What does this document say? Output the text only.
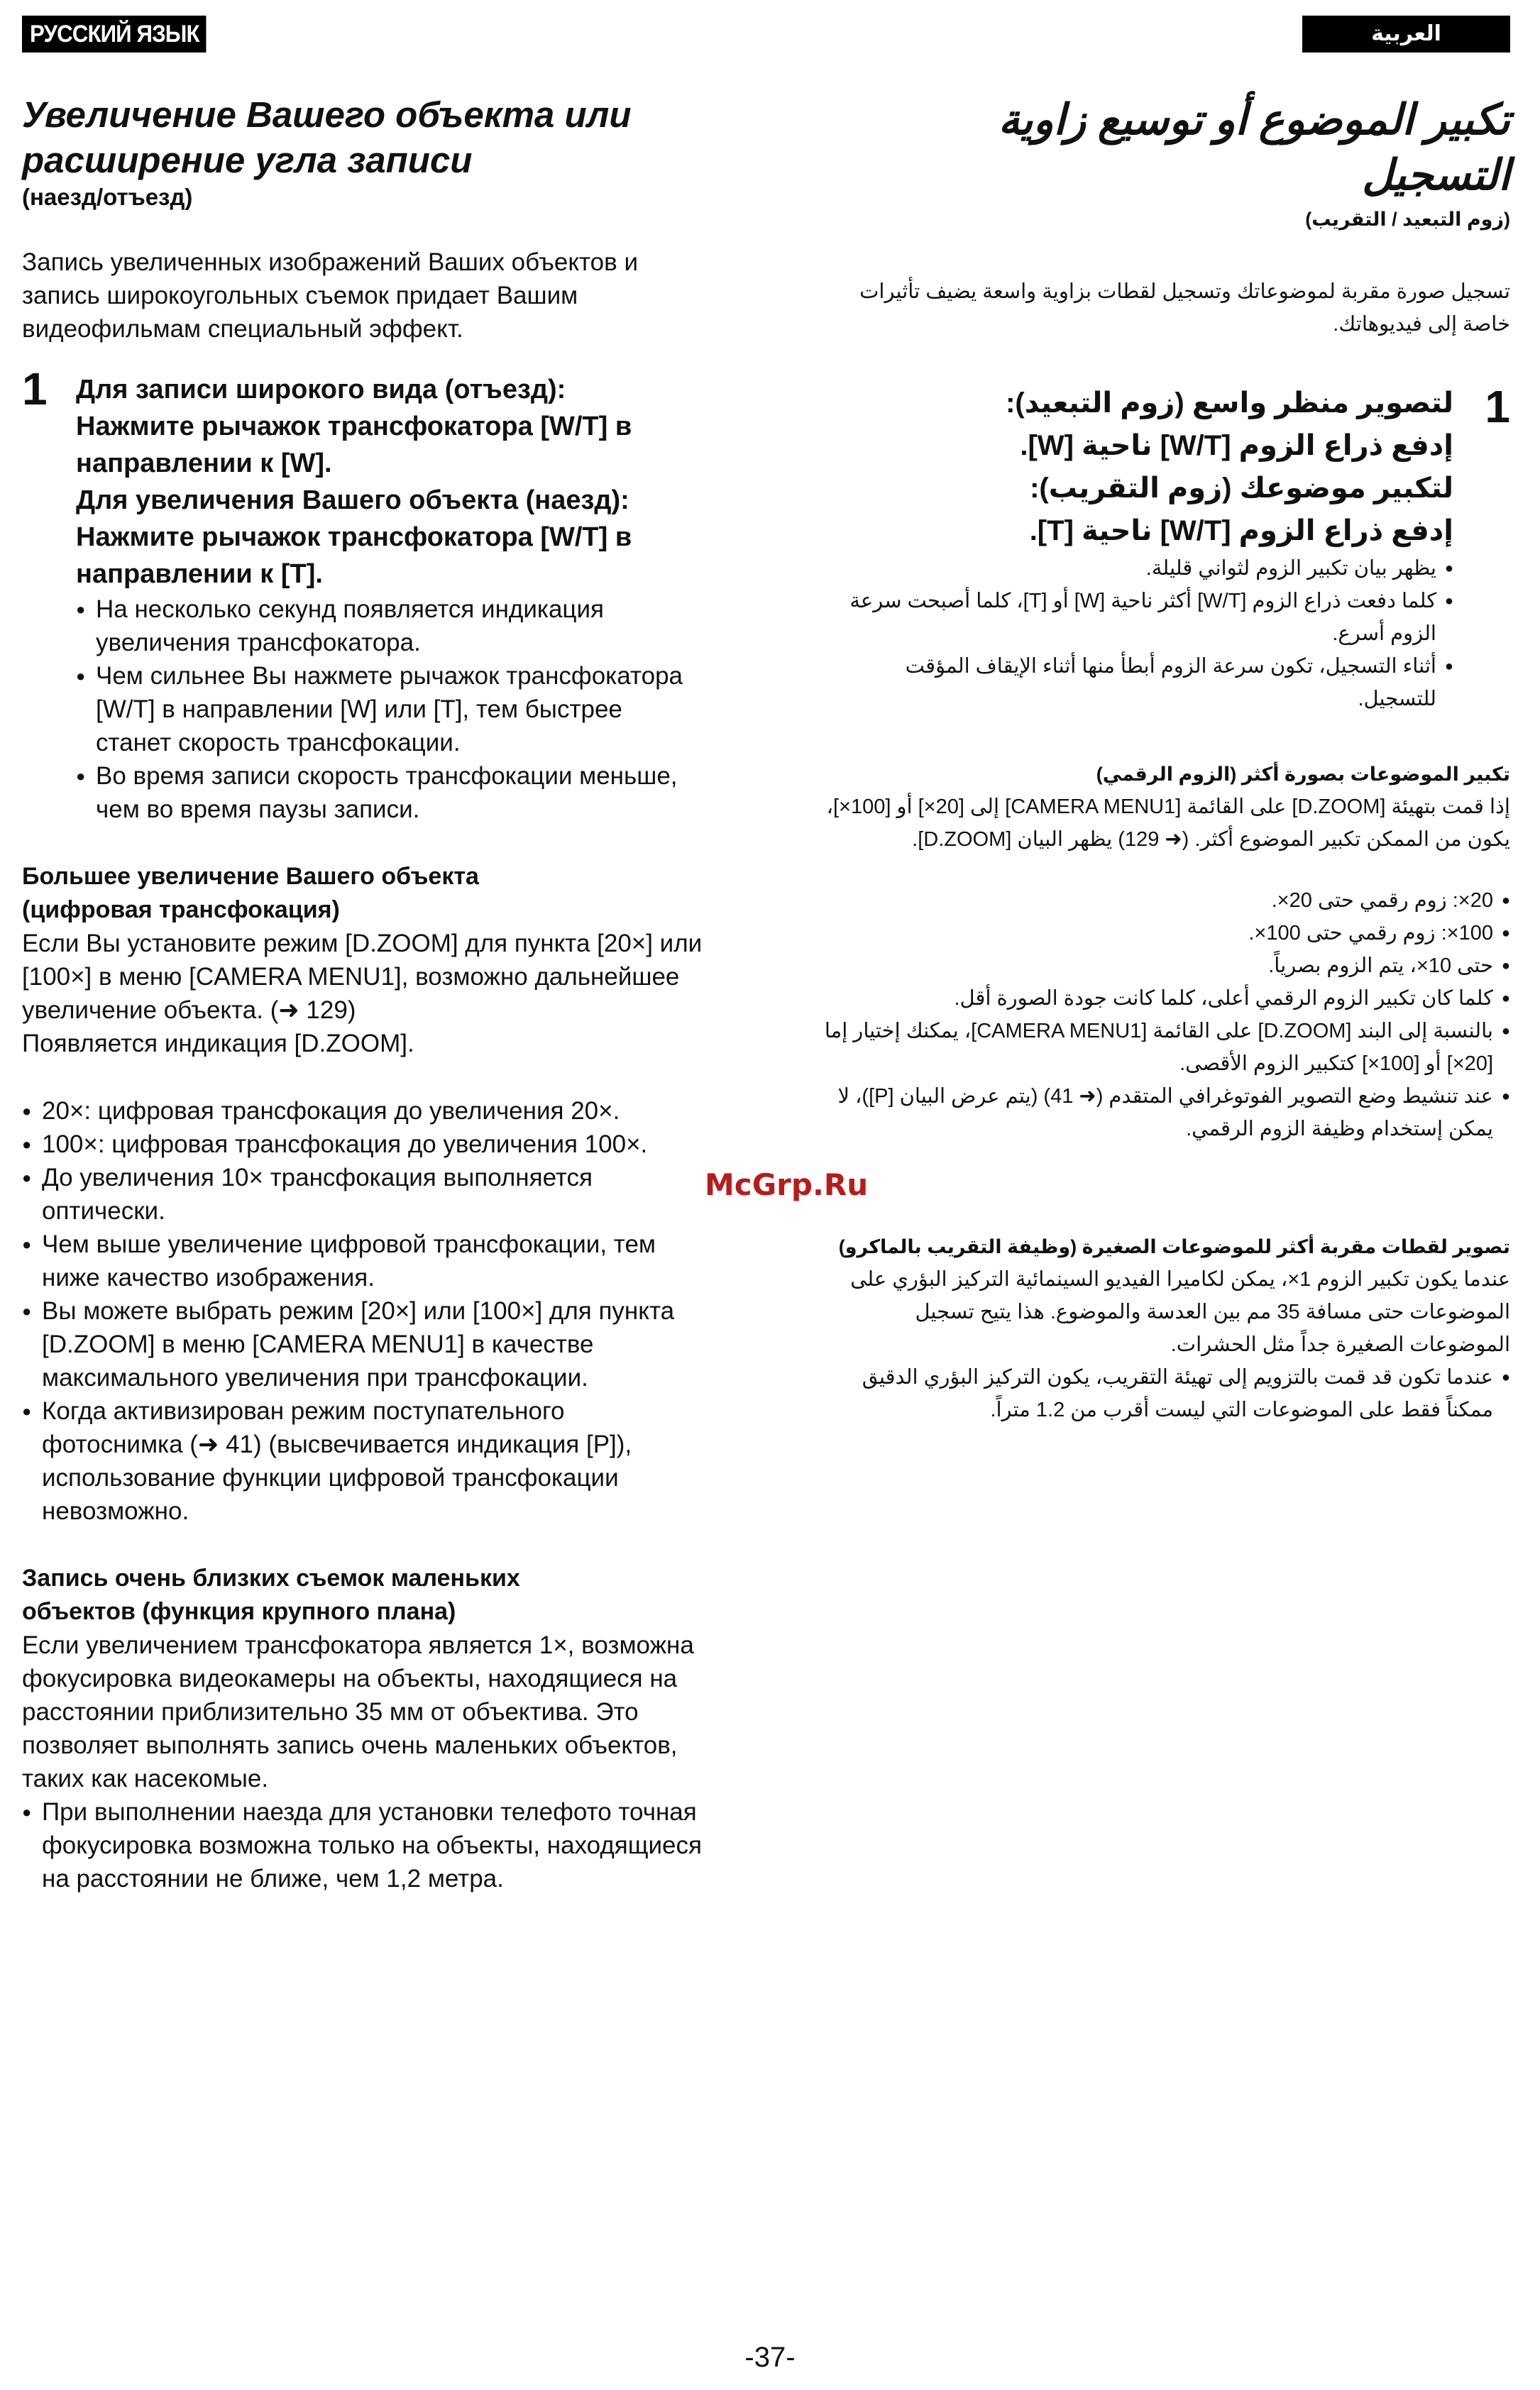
РУССКИЙ ЯЗЫК	العربية

Увеличение Вашего объекта или

расширение угла записи

(наезд/отъезд)

Запись увеличенных изображений Ваших объектов и запись широкоугольных съемок придает Вашим видеофильмам специальный эффект.

1 Для записи широкого вида (отъезд):

Нажмите рычажок трансфокатора [W/T] в направлении к [W].

Для увеличения Вашего объекта (наезд):

Нажмите рычажок трансфокатора [W/T] в направлении к [T].

● На несколько секунд появляется индикация увеличения трансфокатора.
● Чем сильнее Вы нажмете рычажок трансфокатора [W/T] в направлении [W] или [T], тем быстрее станет скорость трансфокации.
● Во время записи скорость трансфокации меньше, чем во время паузы записи.

Большее увеличение Вашего объекта

(цифровая трансфокация)

Если Вы установите режим [D.ZOOM] для пункта [20×] или [100×] в меню [CAMERA MENU1], возможно дальнейшее увеличение объекта. (➜ 129)

Появляется индикация [D.ZOOM].

● 20×: цифровая трансфокация до увеличения 20×.
● 100×: цифровая трансфокация до увеличения 100×.
● До увеличения 10× трансфокация выполняется оптически.
● Чем выше увеличение цифровой трансфокации, тем ниже качество изображения.
● Вы можете выбрать режим [20×] или [100×] для пункта [D.ZOOM] в меню [CAMERA MENU1] в качестве максимального увеличения при трансфокации.
● Когда активизирован режим поступательного фотоснимка (➜ 41) (высвечивается индикация [P]), использование функции цифровой трансфокации невозможно.

Запись очень близких съемок маленьких

объектов (функция крупного плана)

Если увеличением трансфокатора является 1×, возможна фокусировка видеокамеры на объекты, находящиеся на расстоянии приблизительно 35 мм от объектива. Это позволяет выполнять запись очень маленьких объектов, таких как насекомые.

● При выполнении наезда для установки телефото точная фокусировка возможна только на объекты, находящиеся на расстоянии не ближе, чем 1,2 метра.

تكبير الموضوع أو توسيع زاوية

التسجيل

(زوم التبعيد / التقريب)

تسجيل صورة مقربة لموضوعاتك وتسجيل لقطات بزاوية واسعة يضيف تأثيرات خاصة إلى فيديوهاتك.

1

لتصوير منظر واسع (زوم التبعيد):

إدفع ذراع الزوم [W/T] ناحية [W].

لتكبير موضوعك (زوم التقريب):

إدفع ذراع الزوم [W/T] ناحية [T].

● يظهر بيان تكبير الزوم لثواني قليلة.
● كلما دفعت ذراع الزوم [W/T] أكثر ناحية [W] أو [T]، كلما أصبحت سرعة الزوم أسرع.
● أثناء التسجيل، تكون سرعة الزوم أبطأ منها أثناء الإيقاف المؤقت للتسجيل.

تكبير الموضوعات بصورة أكثر (الزوم الرقمي)

إذا قمت بتهيئة [D.ZOOM] على القائمة [CAMERA MENU1] إلى [20×] أو [100×]، يكون من الممكن تكبير الموضوع أكثر. (➜ 129) يظهر البيان [D.ZOOM].

● 20×: زوم رقمي حتى 20×.
● 100×: زوم رقمي حتى 100×.
● حتى 10×، يتم الزوم بصرياً.
● كلما كان تكبير الزوم الرقمي أعلى، كلما كانت جودة الصورة أقل.
● بالنسبة إلى البند [D.ZOOM] على القائمة [CAMERA MENU1]، يمكنك إختيار إما [20×] أو [100×] كتكبير الزوم الأقصى.
● عند تنشيط وضع التصوير الفوتوغرافي المتقدم (➜ 41) (يتم عرض البيان [P])، لا يمكن إستخدام وظيفة الزوم الرقمي.

تصوير لقطات مقربة أكثر للموضوعات الصغيرة (وظيفة التقريب بالماكرو)

عندما يكون تكبير الزوم 1×، يمكن لكاميرا الفيديو السينمائية التركيز البؤري على الموضوعات حتى مسافة 35 مم بين العدسة والموضوع. هذا يتيح تسجيل الموضوعات الصغيرة جداً مثل الحشرات.

● عندما تكون قد قمت بالتزويم إلى تهيئة التقريب، يكون التركيز البؤري الدقيق ممكناً فقط على الموضوعات التي ليست أقرب من 1.2 متراً.
McGrp.Ru
-37-
